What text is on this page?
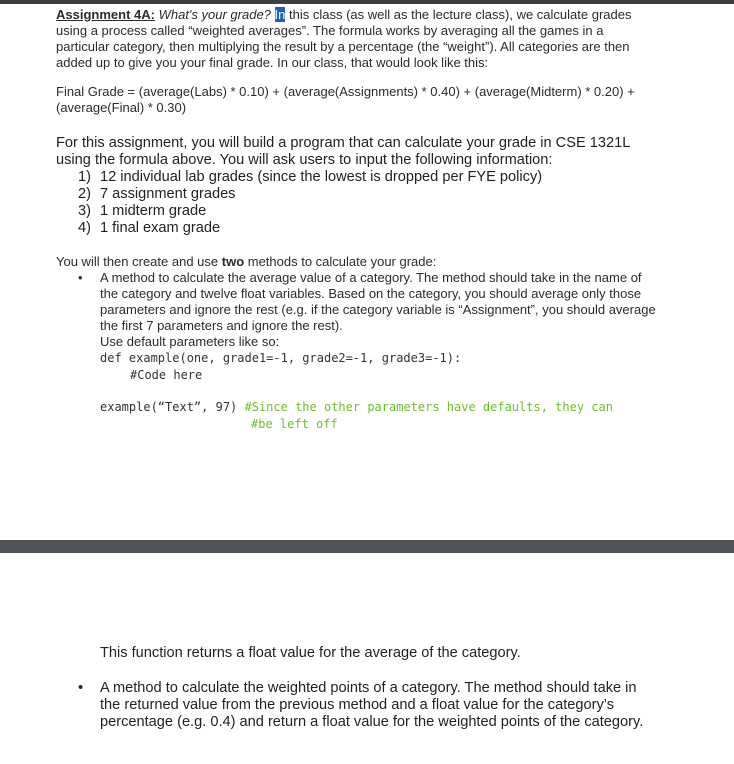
Assignment 4A: What's your grade? In this class (as well as the lecture class), we calculate grades using a process called “weighted averages”. The formula works by averaging all the games in a particular category, then multiplying the result by a percentage (the “weight”). All categories are then added up to give you your final grade. In our class, that would look like this:

Final Grade = (average(Labs) * 0.10) + (average(Assignments) * 0.40) + (average(Midterm) * 0.20) + (average(Final) * 0.30)

For this assignment, you will build a program that can calculate your grade in CSE 1321L using the formula above. You will ask users to input the following information:

1) 12 individual lab grades (since the lowest is dropped per FYE policy)
2) 7 assignment grades
3) 1 midterm grade
4) 1 final exam grade

You will then create and use two methods to calculate your grade:

• A method to calculate the average value of a category. The method should take in the name of the category and twelve float variables. Based on the category, you should average only those parameters and ignore the rest (e.g. if the category variable is “Assignment”, you should average the first 7 parameters and ignore the rest).

Use default parameters like so:

def example(one, grade1=-1, grade2=-1, grade3=-1):
#Code here
example(“Text”, 97) #Since the other parameters have defaults, they can
#be left off

This function returns a float value for the average of the category.

• A method to calculate the weighted points of a category. The method should take in the returned value from the previous method and a float value for the category’s percentage (e.g. 0.4) and return a float value for the weighted points of the category.
